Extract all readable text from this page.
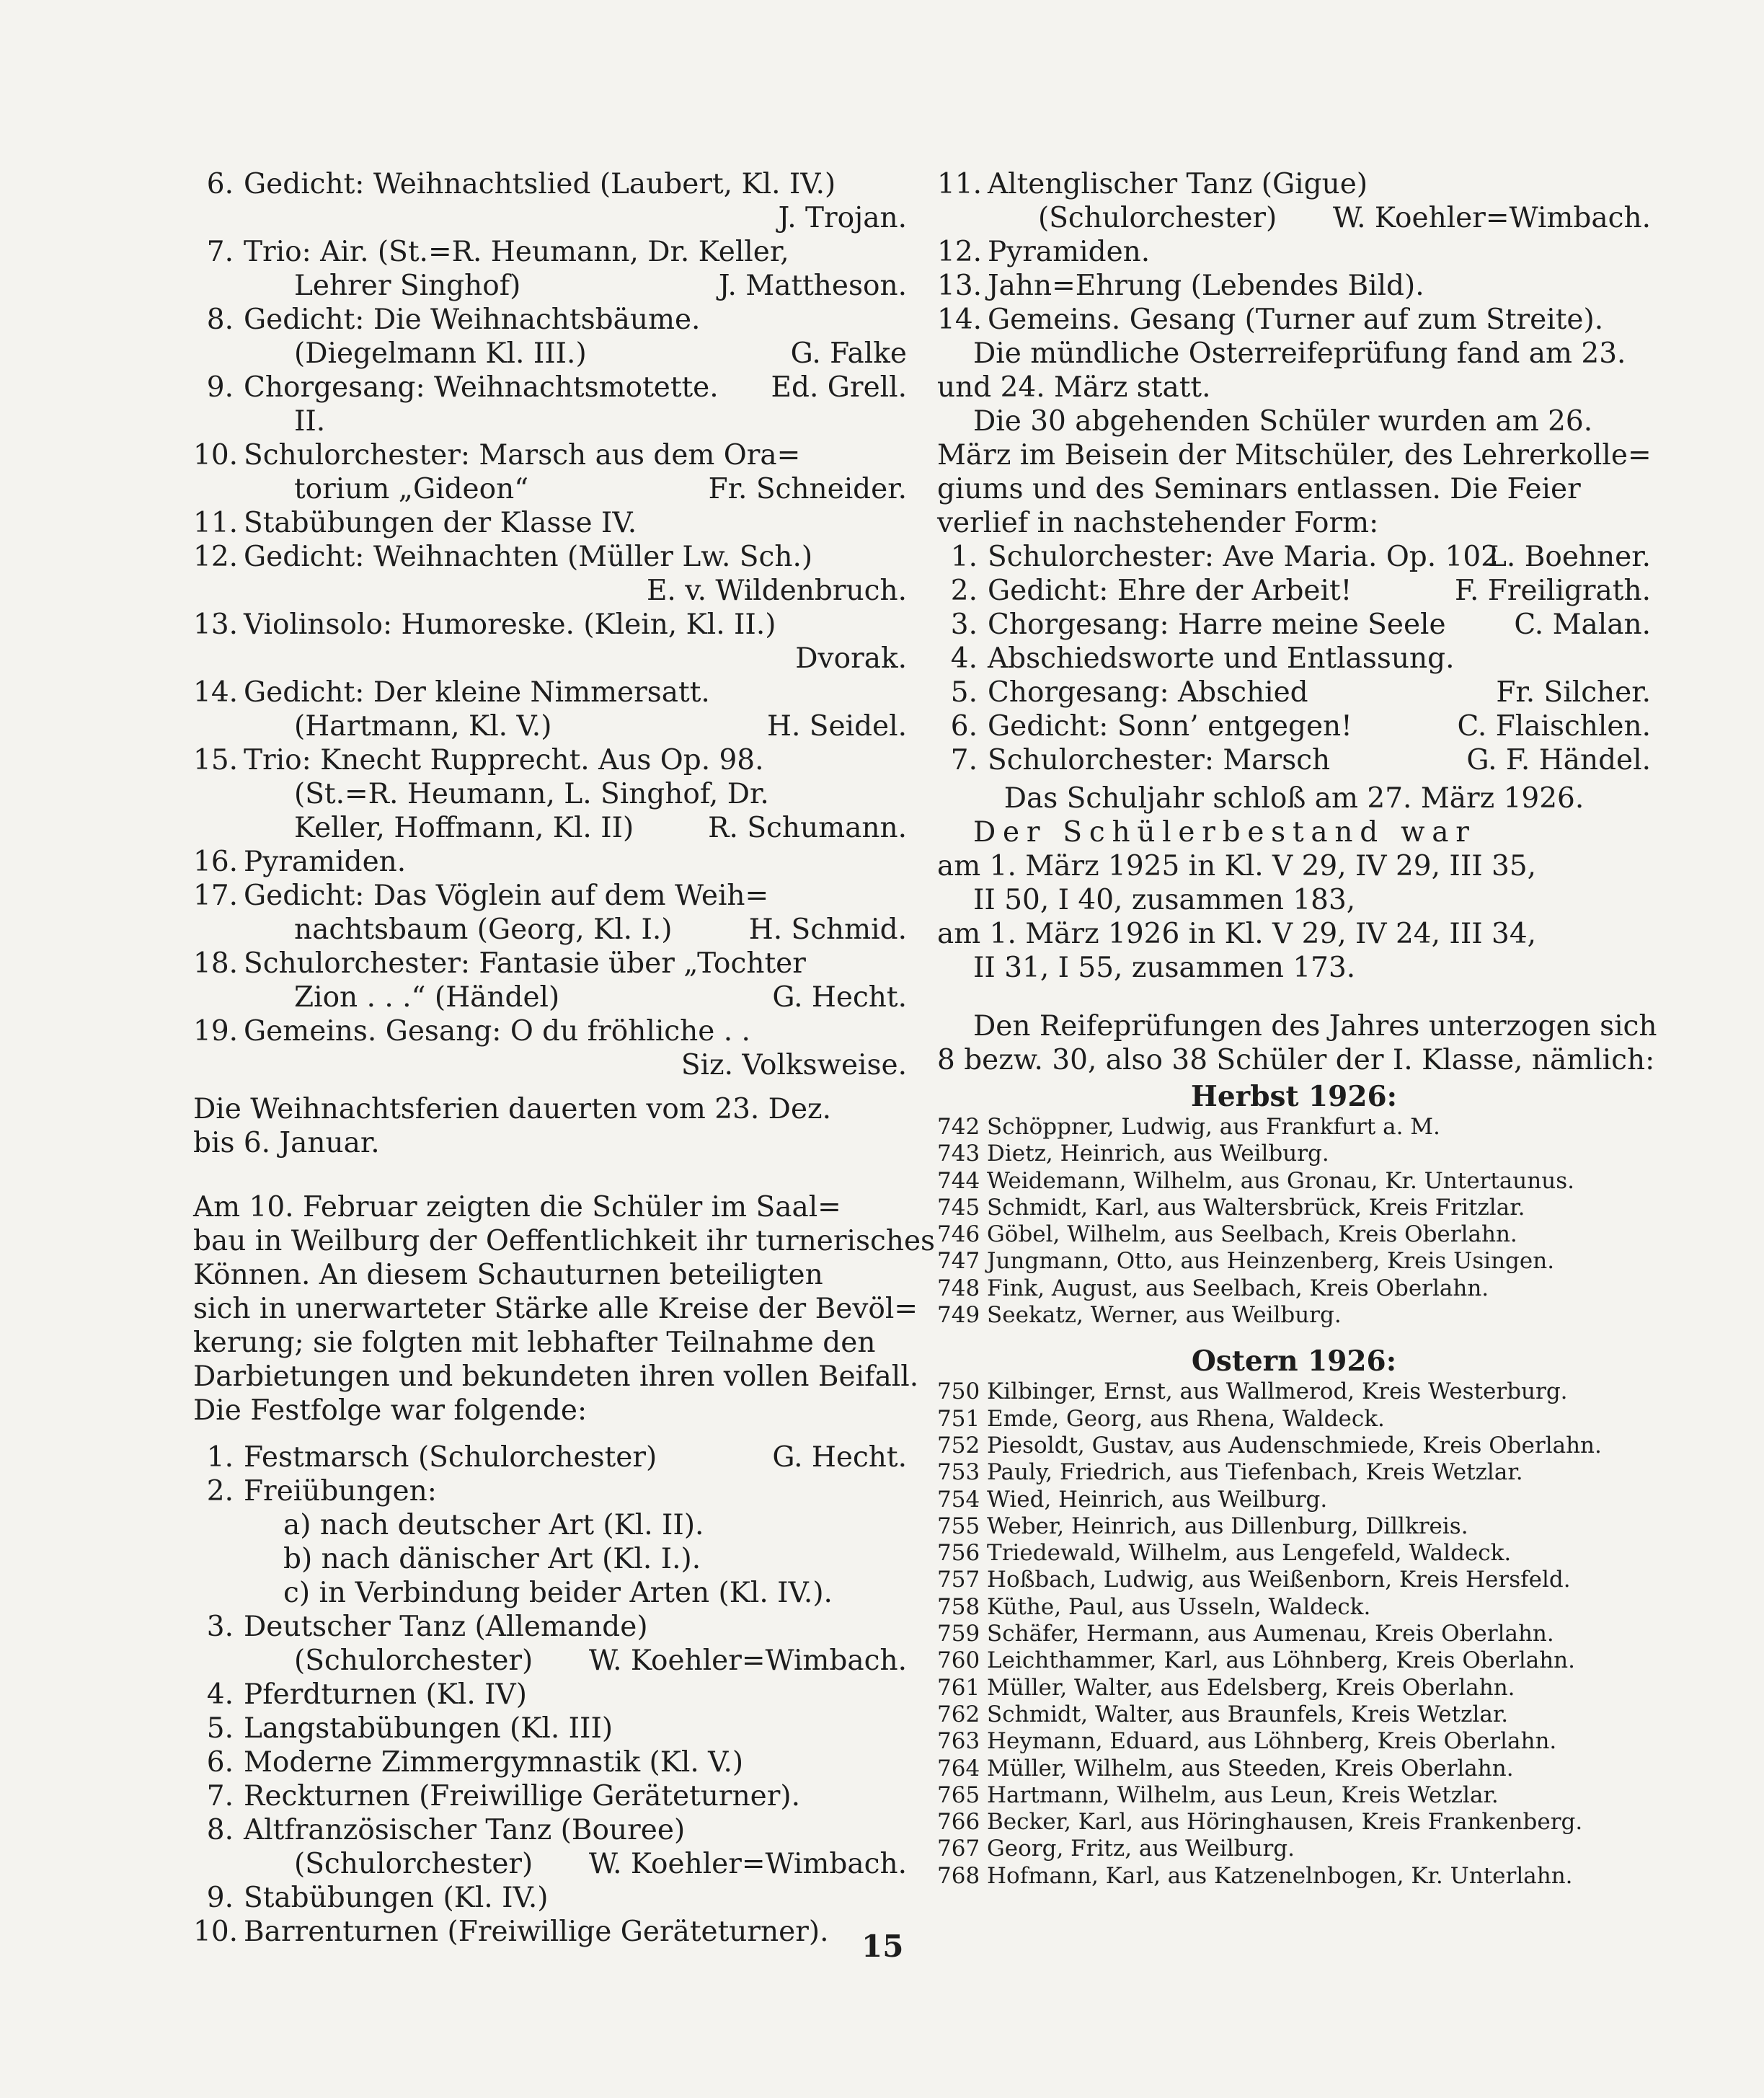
6. Gedicht: Weihnachtslied (Laubert, Kl. IV.)
J. Trojan.
7. Trio: Air. (St.=R. Heumann, Dr. Keller,
Lehrer Singhof)	J. Mattheson.
8. Gedicht: Die Weihnachtsbäume.
(Diegelmann Kl. III.)	G. Falke
9. Chorgesang: Weihnachtsmotette. Ed. Grell.
II.
10. Schulorchester: Marsch aus dem Ora=
torium „Gideon“	Fr. Schneider.
11. Stabübungen der Klasse IV.
12. Gedicht: Weihnachten (Müller Lw. Sch.)
E. v. Wildenbruch.
13. Violinsolo: Humoreske. (Klein, Kl. II.)
Dvorak.
14. Gedicht: Der kleine Nimmersatt.
(Hartmann, Kl. V.)	H. Seidel.
15. Trio: Knecht Rupprecht. Aus Op. 98.
(St.=R. Heumann, L. Singhof, Dr.
Keller, Hoffmann, Kl. II)	R. Schumann.
16. Pyramiden.
17. Gedicht: Das Vöglein auf dem Weih=
nachtsbaum (Georg, Kl. I.)	H. Schmid.
18. Schulorchester: Fantasie über „Tochter
Zion . . .“ (Händel)	G. Hecht.
19. Gemeins. Gesang: O du fröhliche . .
Siz. Volksweise.
Die Weihnachtsferien dauerten vom 23. Dez.
bis 6. Januar.
Am 10. Februar zeigten die Schüler im Saal=
bau in Weilburg der Oeffentlichkeit ihr turnerisches
Können. An diesem Schauturnen beteiligten
sich in unerwarteter Stärke alle Kreise der Bevöl=
kerung; sie folgten mit lebhafter Teilnahme den
Darbietungen und bekundeten ihren vollen Beifall.
Die Festfolge war folgende:
1. Festmarsch (Schulorchester)	G. Hecht.
2. Freiübungen:
a) nach deutscher Art (Kl. II).
b) nach dänischer Art (Kl. I.).
c) in Verbindung beider Arten (Kl. IV.).
3. Deutscher Tanz (Allemande)
(Schulorchester) W. Koehler=Wimbach.
4. Pferdturnen (Kl. IV)
5. Langstabübungen (Kl. III)
6. Moderne Zimmergymnastik (Kl. V.)
7. Reckturnen (Freiwillige Geräteturner).
8. Altfranzösischer Tanz (Bouree)
(Schulorchester) W. Koehler=Wimbach.
9. Stabübungen (Kl. IV.)
10. Barrenturnen (Freiwillige Geräteturner).
11. Altenglischer Tanz (Gigue)
(Schulorchester) W. Koehler=Wimbach.
12. Pyramiden.
13. Jahn=Ehrung (Lebendes Bild).
14. Gemeins. Gesang (Turner auf zum Streite).
Die mündliche Osterreifeprüfung fand am 23.
und 24. März statt.
Die 30 abgehenden Schüler wurden am 26.
März im Beisein der Mitschüler, des Lehrerkolle=
giums und des Seminars entlassen. Die Feier
verlief in nachstehender Form:
1. Schulorchester: Ave Maria. Op. 102
L. Boehner.
2. Gedicht: Ehre der Arbeit!	F. Freiligrath.
3. Chorgesang: Harre meine Seele C. Malan.
4. Abschiedsworte und Entlassung.
5. Chorgesang: Abschied	Fr. Silcher.
6. Gedicht: Sonn’ entgegen!	C. Flaischlen.
7. Schulorchester: Marsch	G. F. Händel.
Das Schuljahr schloß am 27. März 1926.
Der Schülerbestand war
am 1. März 1925 in Kl. V 29, IV 29, III 35,
II 50, I 40, zusammen 183,
am 1. März 1926 in Kl. V 29, IV 24, III 34,
II 31, I 55, zusammen 173.
Den Reifeprüfungen des Jahres unterzogen sich
8 bezw. 30, also 38 Schüler der I. Klasse, nämlich:
Herbst 1926:
742 Schöppner, Ludwig, aus Frankfurt a. M.
743 Dietz, Heinrich, aus Weilburg.
744 Weidemann, Wilhelm, aus Gronau, Kr. Untertaunus.
745 Schmidt, Karl, aus Waltersbrück, Kreis Fritzlar.
746 Göbel, Wilhelm, aus Seelbach, Kreis Oberlahn.
747 Jungmann, Otto, aus Heinzenberg, Kreis Usingen.
748 Fink, August, aus Seelbach, Kreis Oberlahn.
749 Seekatz, Werner, aus Weilburg.
Ostern 1926:
750 Kilbinger, Ernst, aus Wallmerod, Kreis Westerburg.
751 Emde, Georg, aus Rhena, Waldeck.
752 Piesoldt, Gustav, aus Audenschmiede, Kreis Oberlahn.
753 Pauly, Friedrich, aus Tiefenbach, Kreis Wetzlar.
754 Wied, Heinrich, aus Weilburg.
755 Weber, Heinrich, aus Dillenburg, Dillkreis.
756 Triedewald, Wilhelm, aus Lengefeld, Waldeck.
757 Hoßbach, Ludwig, aus Weißenborn, Kreis Hersfeld.
758 Küthe, Paul, aus Usseln, Waldeck.
759 Schäfer, Hermann, aus Aumenau, Kreis Oberlahn.
760 Leichthammer, Karl, aus Löhnberg, Kreis Oberlahn.
761 Müller, Walter, aus Edelsberg, Kreis Oberlahn.
762 Schmidt, Walter, aus Braunfels, Kreis Wetzlar.
763 Heymann, Eduard, aus Löhnberg, Kreis Oberlahn.
764 Müller, Wilhelm, aus Steeden, Kreis Oberlahn.
765 Hartmann, Wilhelm, aus Leun, Kreis Wetzlar.
766 Becker, Karl, aus Höringhausen, Kreis Frankenberg.
767 Georg, Fritz, aus Weilburg.
768 Hofmann, Karl, aus Katzenelnbogen, Kr. Unterlahn.
15
